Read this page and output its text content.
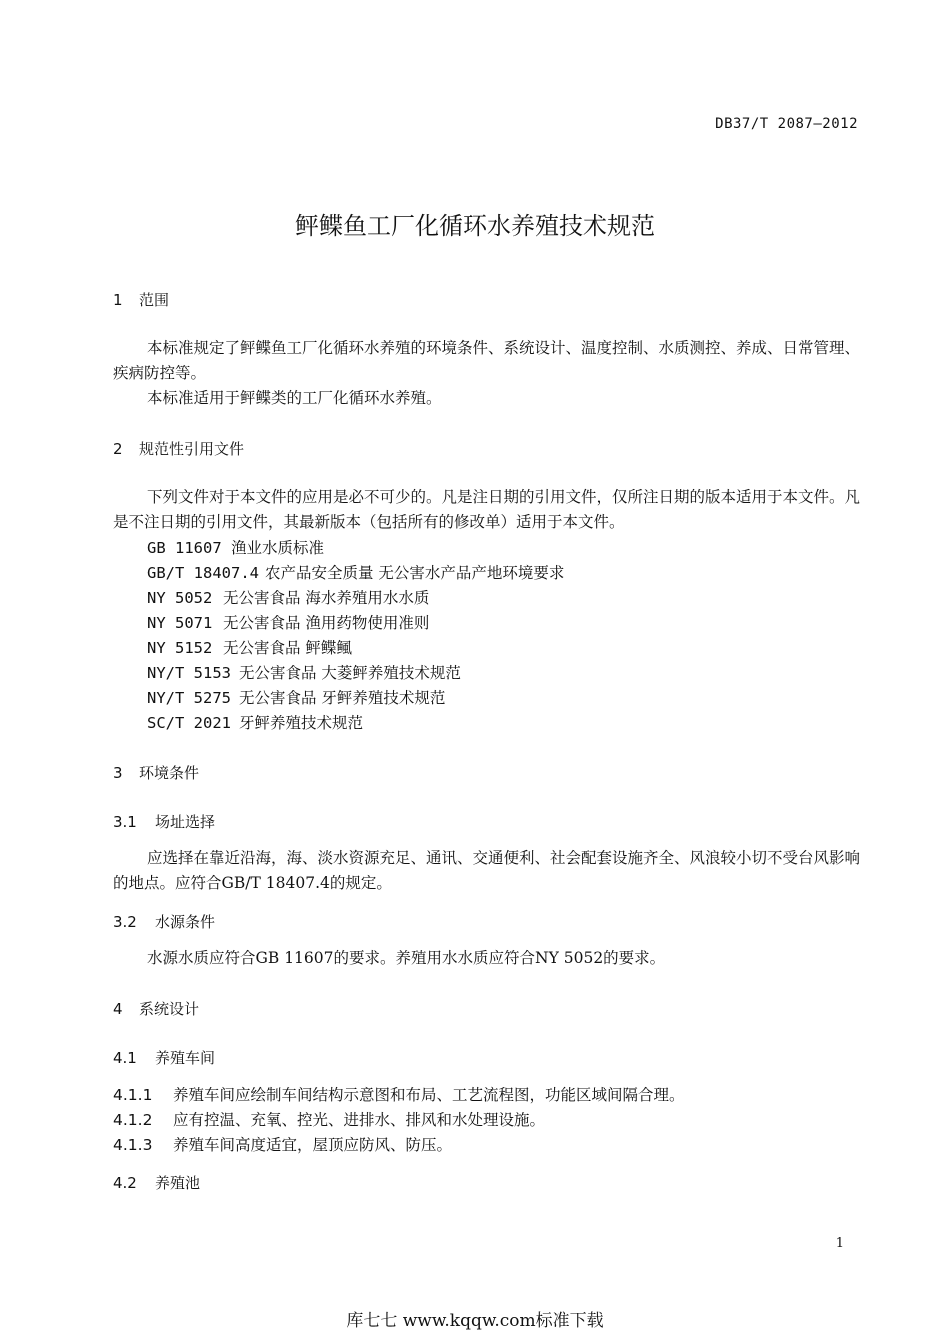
DB37/T 2087—2012
鲆鲽鱼工厂化循环水养殖技术规范
1 范围
本标准规定了鲆鲽鱼工厂化循环水养殖的环境条件、系统设计、温度控制、水质测控、养成、日常管理、疾病防控等。
本标准适用于鲆鲽类的工厂化循环水养殖。
2 规范性引用文件
下列文件对于本文件的应用是必不可少的。凡是注日期的引用文件，仅所注日期的版本适用于本文件。凡是不注日期的引用文件，其最新版本（包括所有的修改单）适用于本文件。
GB 11607 渔业水质标准
GB/T 18407.4 农产品安全质量 无公害水产品产地环境要求
NY 5052 无公害食品 海水养殖用水水质
NY 5071 无公害食品 渔用药物使用准则
NY 5152 无公害食品 鲆鲽鲺
NY/T 5153 无公害食品 大菱鲆养殖技术规范
NY/T 5275 无公害食品 牙鲆养殖技术规范
SC/T 2021 牙鲆养殖技术规范
3 环境条件
3.1 场址选择
应选择在靠近沿海，海、淡水资源充足、通讯、交通便利、社会配套设施齐全、风浪较小切不受台风影响的地点。应符合GB/T 18407.4的规定。
3.2 水源条件
水源水质应符合GB 11607的要求。养殖用水水质应符合NY 5052的要求。
4 系统设计
4.1 养殖车间
4.1.1 养殖车间应绘制车间结构示意图和布局、工艺流程图，功能区域间隔合理。
4.1.2 应有控温、充氧、控光、进排水、排风和水处理设施。
4.1.3 养殖车间高度适宜，屋顶应防风、防压。
4.2 养殖池
1
库七七 www.kqqw.com标准下载
